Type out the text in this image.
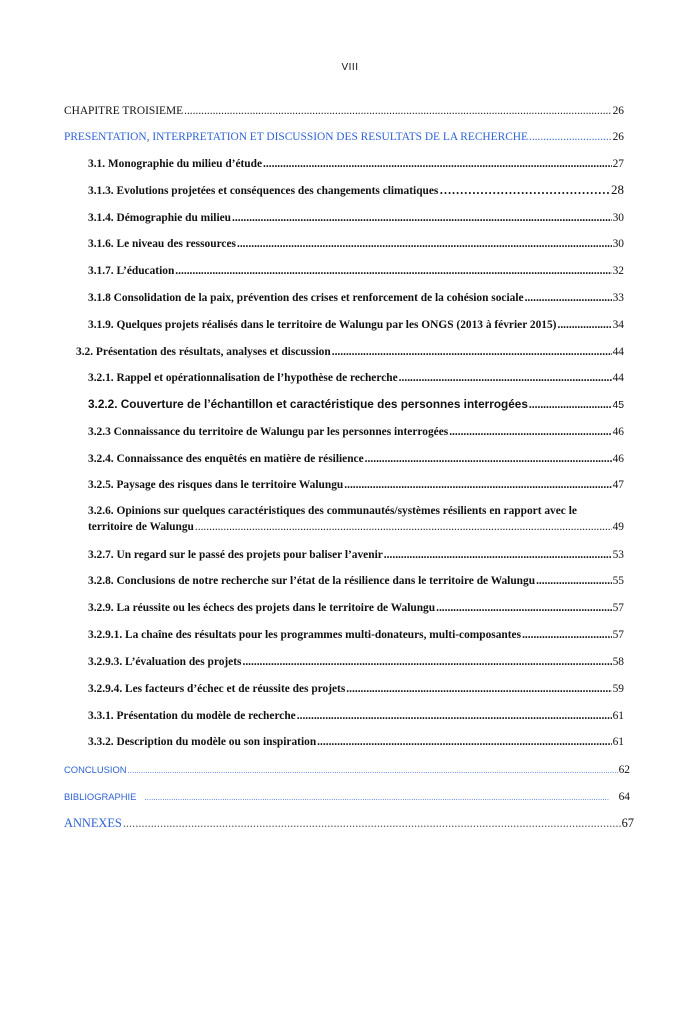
VIII
CHAPITRE TROISIEME .....	26
PRESENTATION, INTERPRETATION ET DISCUSSION DES RESULTATS DE LA RECHERCHE .....	26
3.1. Monographie du milieu d’étude .....	27
3.1.3. Evolutions projetées et conséquences des changements climatiques …………………………………………………………………………………………………………………………………………	28
3.1.4. Démographie du milieu .....	30
3.1.6. Le niveau des ressources .....	30
3.1.7. L’éducation .....	32
3.1.8 Consolidation de la paix, prévention des crises et renforcement de la cohésion sociale .....	33
3.1.9. Quelques projets réalisés dans le territoire de Walungu par les ONGS (2013 à février 2015) .....	34
3.2. Présentation des résultats, analyses et discussion .....	44
3.2.1. Rappel et opérationnalisation de l’hypothèse de recherche .....	44
3.2.2. Couverture de l’échantillon et caractéristique des personnes interrogées .....	45
3.2.3 Connaissance du territoire de Walungu par les personnes interrogées .....	46
3.2.4. Connaissance des enquêtés en matière de résilience .....	46
3.2.5. Paysage des risques dans le territoire Walungu .....	47
3.2.6. Opinions sur quelques caractéristiques des communautés/systèmes résilients en rapport avec le
territoire de Walungu .....	49
3.2.7. Un regard sur le passé des projets pour baliser l’avenir .....	53
3.2.8. Conclusions de notre recherche sur l’état de la résilience dans le territoire de Walungu .....	55
3.2.9. La réussite ou les échecs des projets dans le territoire de Walungu .....	57
3.2.9.1. La chaîne des résultats pour les programmes multi-donateurs, multi-composantes .....	57
3.2.9.3. L’évaluation des projets .....	58
3.2.9.4. Les facteurs d’échec et de réussite des projets .....	59
3.3.1. Présentation du modèle de recherche .....	61
3.3.2. Description du modèle ou son inspiration .....	61
CONCLUSION .....	62
BIBLIOGRAPHIE .....	64
ANNEXES .....	67
